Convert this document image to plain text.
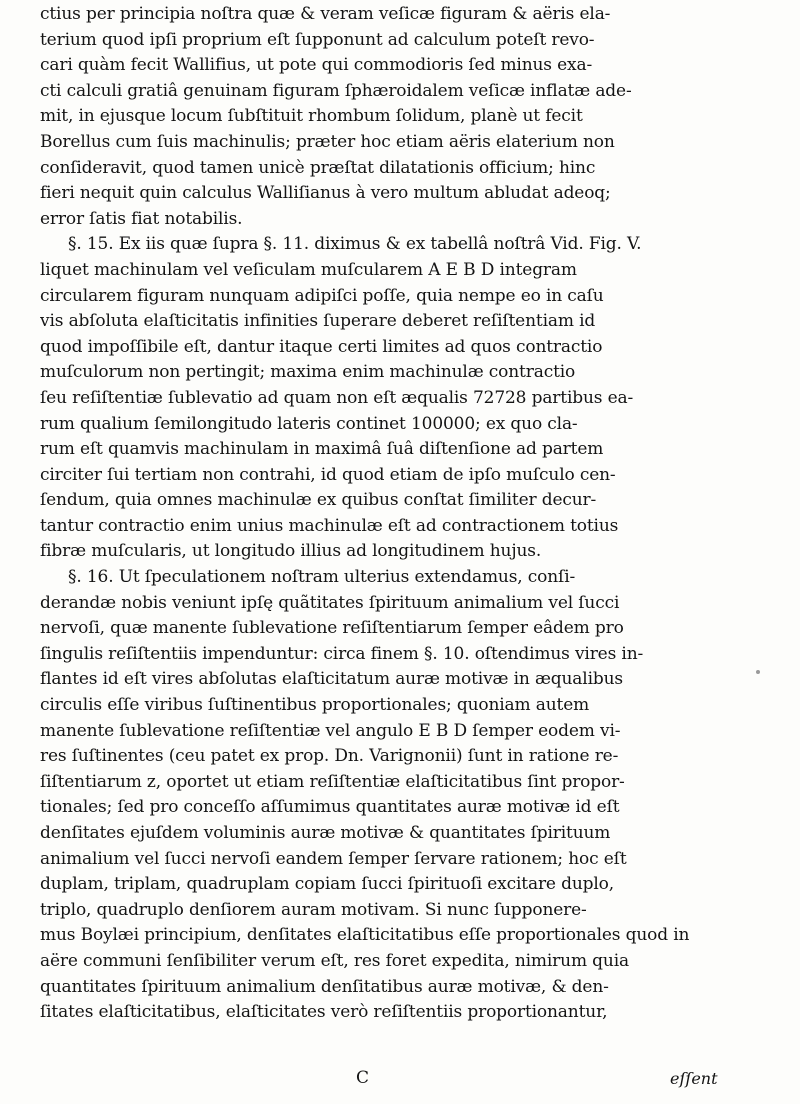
ctius per principia noſtra quæ & veram veſicæ figuram & aëris ela-
terium quod ipſi proprium eſt ſupponunt ad calculum poteſt revo-
cari quàm fecit Wallifius, ut pote qui commodioris ſed minus exa-
cti calculi gratiâ genuinam figuram ſphæroidalem veſicæ inflatæ ade-
mit, in ejusque locum ſubſtituit rhombum ſolidum, planè ut fecit
Borellus cum ſuis machinulis; præter hoc etiam aëris elaterium non
conſideravit, quod tamen unicè præſtat dilatationis officium; hinc
fieri nequit quin calculus Walliſianus à vero multum abludat adeoq;
error ſatis fiat notabilis.
§. 15. Ex iis quæ ſupra §. 11. diximus & ex tabellâ noſtrâ Vid. Fig. V.
liquet machinulam vel veſiculam muſcularem A E B D integram
circularem figuram nunquam adipiſci poſſe, quia nempe eo in caſu
vis abſoluta elaſticitatis infinities ſuperare deberet reſiſtentiam id
quod impoſſibile eſt, dantur itaque certi limites ad quos contractio
muſculorum non pertingit; maxima enim machinulæ contractio
ſeu reſiſtentiæ ſublevatio ad quam non eſt æqualis 72728 partibus ea-
rum qualium ſemilongitudo lateris continet 100000; ex quo cla-
rum eſt quamvis machinulam in maximâ ſuâ diſtenſione ad partem
circiter ſui tertiam non contrahi, id quod etiam de ipſo muſculo cen-
ſendum, quia omnes machinulæ ex quibus conſtat ſimiliter decur-
tantur contractio enim unius machinulæ eſt ad contractionem totius
fibræ muſcularis, ut longitudo illius ad longitudinem hujus.
§. 16. Ut ſpeculationem noſtram ulterius extendamus, conſi-
derandæ nobis veniunt ipſę quãtitates ſpirituum animalium vel ſucci
nervoſi, quæ manente ſublevatione reſiſtentiarum ſemper eâdem pro
ſingulis reſiſtentiis impenduntur: circa finem §. 10. oſtendimus vires in-
flantes id eſt vires abſolutas elaſticitatum auræ motivæ in æqualibus
circulis eſſe viribus ſuſtinentibus proportionales; quoniam autem
manente ſublevatione reſiſtentiæ vel angulo E B D ſemper eodem vi-
res ſuſtinentes (ceu patet ex prop. Dn. Varignonii) ſunt in ratione re-
ſiſtentiarum z, oportet ut etiam reſiſtentiæ elaſticitatibus ſint propor-
tionales; ſed pro conceſſo aſſumimus quantitates auræ motivæ id eſt
denſitates ejuſdem voluminis auræ motivæ & quantitates ſpirituum
animalium vel ſucci nervoſi eandem ſemper ſervare rationem; hoc eſt
duplam, triplam, quadruplam copiam ſucci ſpirituoſi excitare duplo,
triplo, quadruplo denſiorem auram motivam. Si nunc ſupponere-
mus Boylæi principium, denſitates elaſticitatibus eſſe proportionales quod in
aëre communi ſenſibiliter verum eſt, res foret expedita, nimirum quia
quantitates ſpirituum animalium denſitatibus auræ motivæ, & den-
ſitates elaſticitatibus, elaſticitates verò reſiſtentiis proportionantur,
C	eſſent
